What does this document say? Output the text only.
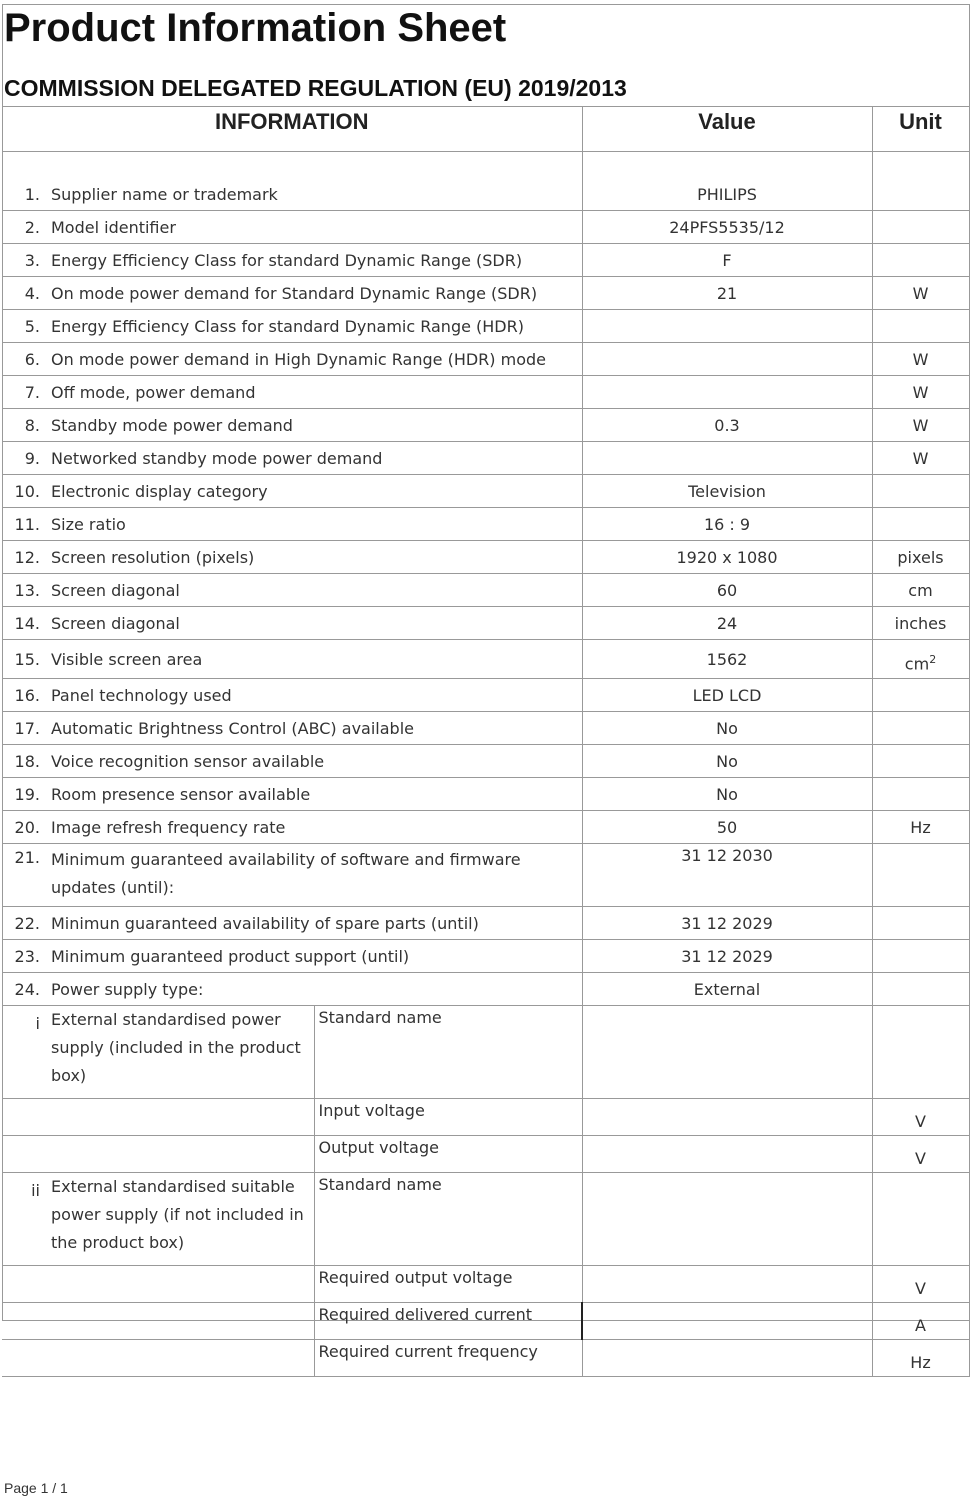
Product Information Sheet
COMMISSION DELEGATED REGULATION (EU) 2019/2013
INFORMATION			Value	Unit

1.	Supplier name or trademark		PHILIPS	
2.	Model identifier		24PFS5535/12	
3.	Energy Efficiency Class for standard Dynamic Range (SDR)		F	
4.	On mode power demand for Standard Dynamic Range (SDR)		21	W
5.	Energy Efficiency Class for standard Dynamic Range (HDR)			
6.	On mode power demand in High Dynamic Range (HDR) mode			W
7.	Off mode, power demand			W
8.	Standby mode power demand		0.3	W
9.	Networked standby mode power demand			W
10.	Electronic display category		Television	
11.	Size ratio		16 : 9	
12.	Screen resolution (pixels)		1920 x 1080	pixels
13.	Screen diagonal		60	cm
14.	Screen diagonal		24	inches
15.	Visible screen area		1562	$cm^2$
16.	Panel technology used		LED LCD	
17.	Automatic Brightness Control (ABC) available		No	
18.	Voice recognition sensor available		No	
19.	Room presence sensor available		No	
20.	Image refresh frequency rate		50	Hz
21.	Minimum guaranteed availability of software and firmware updates (until):		31 12 2030	
22.	Minimun guaranteed availability of spare parts (until)		31 12 2029	
23.	Minimum guaranteed product support (until)		31 12 2029	
24.	Power supply type:		External	
i	External standardised power supply (included in the product box)	Standard name		
		Input voltage		V
		Output voltage		V
ii	External standardised suitable power supply (if not included in the product box)	Standard name		
		Required output voltage		V
		Required delivered current		A
		Required current frequency		Hz
Page 1 / 1
